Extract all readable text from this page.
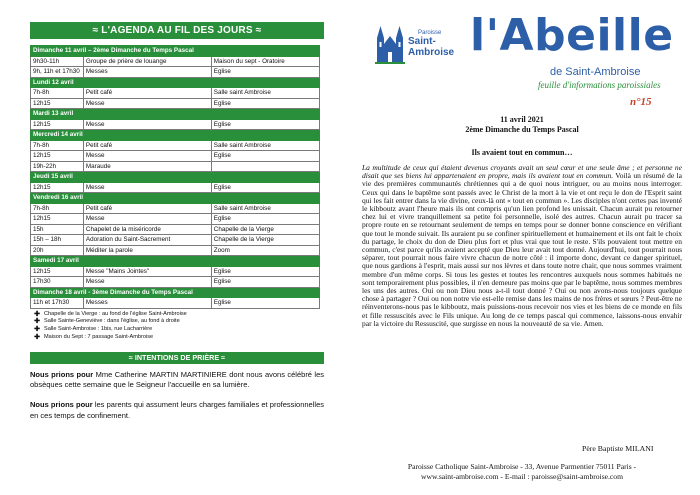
≈ L'AGENDA AU FIL DES JOURS ≈
Dimanche 11 avril – 2ème Dimanche du Temps Pascal		
9h30-11h	Groupe de prière de louange	Maison du sept - Oratoire
9h, 11h et 17h30	Messes	Eglise
Lundi 12 avril		
7h-8h	Petit café	Salle saint Ambroise
12h15	Messe	Eglise
Mardi 13 avril		
12h15	Messe	Eglise
Mercredi 14 avril		
7h-8h	Petit café	Salle saint Ambroise
12h15	Messe	Eglise
19h-22h	Maraude	
Jeudi 15 avril		
12h15	Messe	Eglise
Vendredi 16 avril		
7h-8h	Petit café	Salle saint Ambroise
12h15	Messe	Eglise
15h	Chapelet de la miséricorde	Chapelle de la Vierge
15h – 18h	Adoration du Saint-Sacrement	Chapelle de la Vierge
20h	Méditer la parole	Zoom
Samedi 17 avril		
12h15	Messe "Mains Jointes"	Eglise
17h30	Messe	Eglise
Dimanche 18 avril - 3ème Dimanche du Temps Pascal		
11h et 17h30	Messes	Eglise
✚ Chapelle de la Vierge : au fond de l'église Saint-Ambroise
✚ Salle Sainte-Geneviève : dans l'église, au fond à droite
✚ Salle Saint-Ambroise : 1bis, rue Lacharrière
✚ Maison du Sept : 7 passage Saint-Ambroise
≈ INTENTIONS DE PRIÈRE ≈

Nous prions pour Mme Catherine MARTIN MARTINIERE dont nous avons célébré les obsèques cette semaine que le Seigneur l'accueille en sa lumière.

Nous prions pour les parents qui assument leurs charges familiales et professionnelles en ces temps de confinement.

Paroisse
Saint-Ambroise l'Abeille
de Saint-Ambroise
feuille d'informations paroissiales
n°15
11 avril 2021
2ème Dimanche du Temps Pascal
Ils avaient tout en commun…
La multitude de ceux qui étaient devenus croyants avait un seul cœur et une seule âme ; et personne ne disait que ses biens lui appartenaient en propre, mais ils avaient tout en commun. Voilà un résumé de la vie des premières communautés chrétiennes qui a de quoi nous intriguer, ou au moins nous interroger. Ceux qui dans le baptême sont passés avec le Christ de la mort à la vie et ont reçu le don de l'Esprit saint qui les fait entrer dans la vie divine, ceux-là ont « tout en commun ». Les disciples n'ont certes pas inventé le kibboutz avant l'heure mais ils ont compris qu'un lien profond les unissait. Chacun aurait pu retourner chez lui et vivre tranquillement sa petite foi personnelle, isolé des autres. Chacun aurait pu tracer sa propre route en se retournant seulement de temps en temps pour se donner bonne conscience en vérifiant que tout le monde suivait. Ils auraient pu se confiner spirituellement et humainement et ils ont fait le choix du partage, le choix du don de Dieu plus fort et plus vrai que tout le reste. S'ils pouvaient tout mettre en commun, c'est parce qu'ils avaient accepté que Dieu leur avait tout donné. Aujourd'hui, tout pourrait nous séparer, tout pourrait nous faire vivre chacun de notre côté : il importe donc, devant ce danger spirituel, que nous gardions à l'esprit, mais aussi sur nos lèvres et dans toute notre chair, que nous sommes vraiment membre d'un même corps. Si tous les gestes et toutes les rencontres auxquels nous sommes habitués ne sont temporairement plus possibles, il n'en demeure pas moins que par le baptême, nous sommes membres les uns des autres. Oui ou non Dieu nous a-t-il tout donné ? Oui ou non avons-nous toujours quelque chose à partager ? Oui ou non notre vie est-elle remise dans les mains de nos frères et sœurs ? Peut-être ne réinventerons-nous pas le kibboutz, mais puissions-nous recevoir nos vies et les biens de ce monde en fils et fille ressuscités avec le Fils unique. Au long de ce temps pascal qui commence, laissons-nous envahir par la victoire du Ressuscité, que surgisse en nous la nouveauté de sa vie. Amen.
Père Baptiste MILANI
Paroisse Catholique Saint-Ambroise - 33, Avenue Parmentier 75011 Paris -
www.saint-ambroise.com - E-mail : paroisse@saint-ambroise.com
